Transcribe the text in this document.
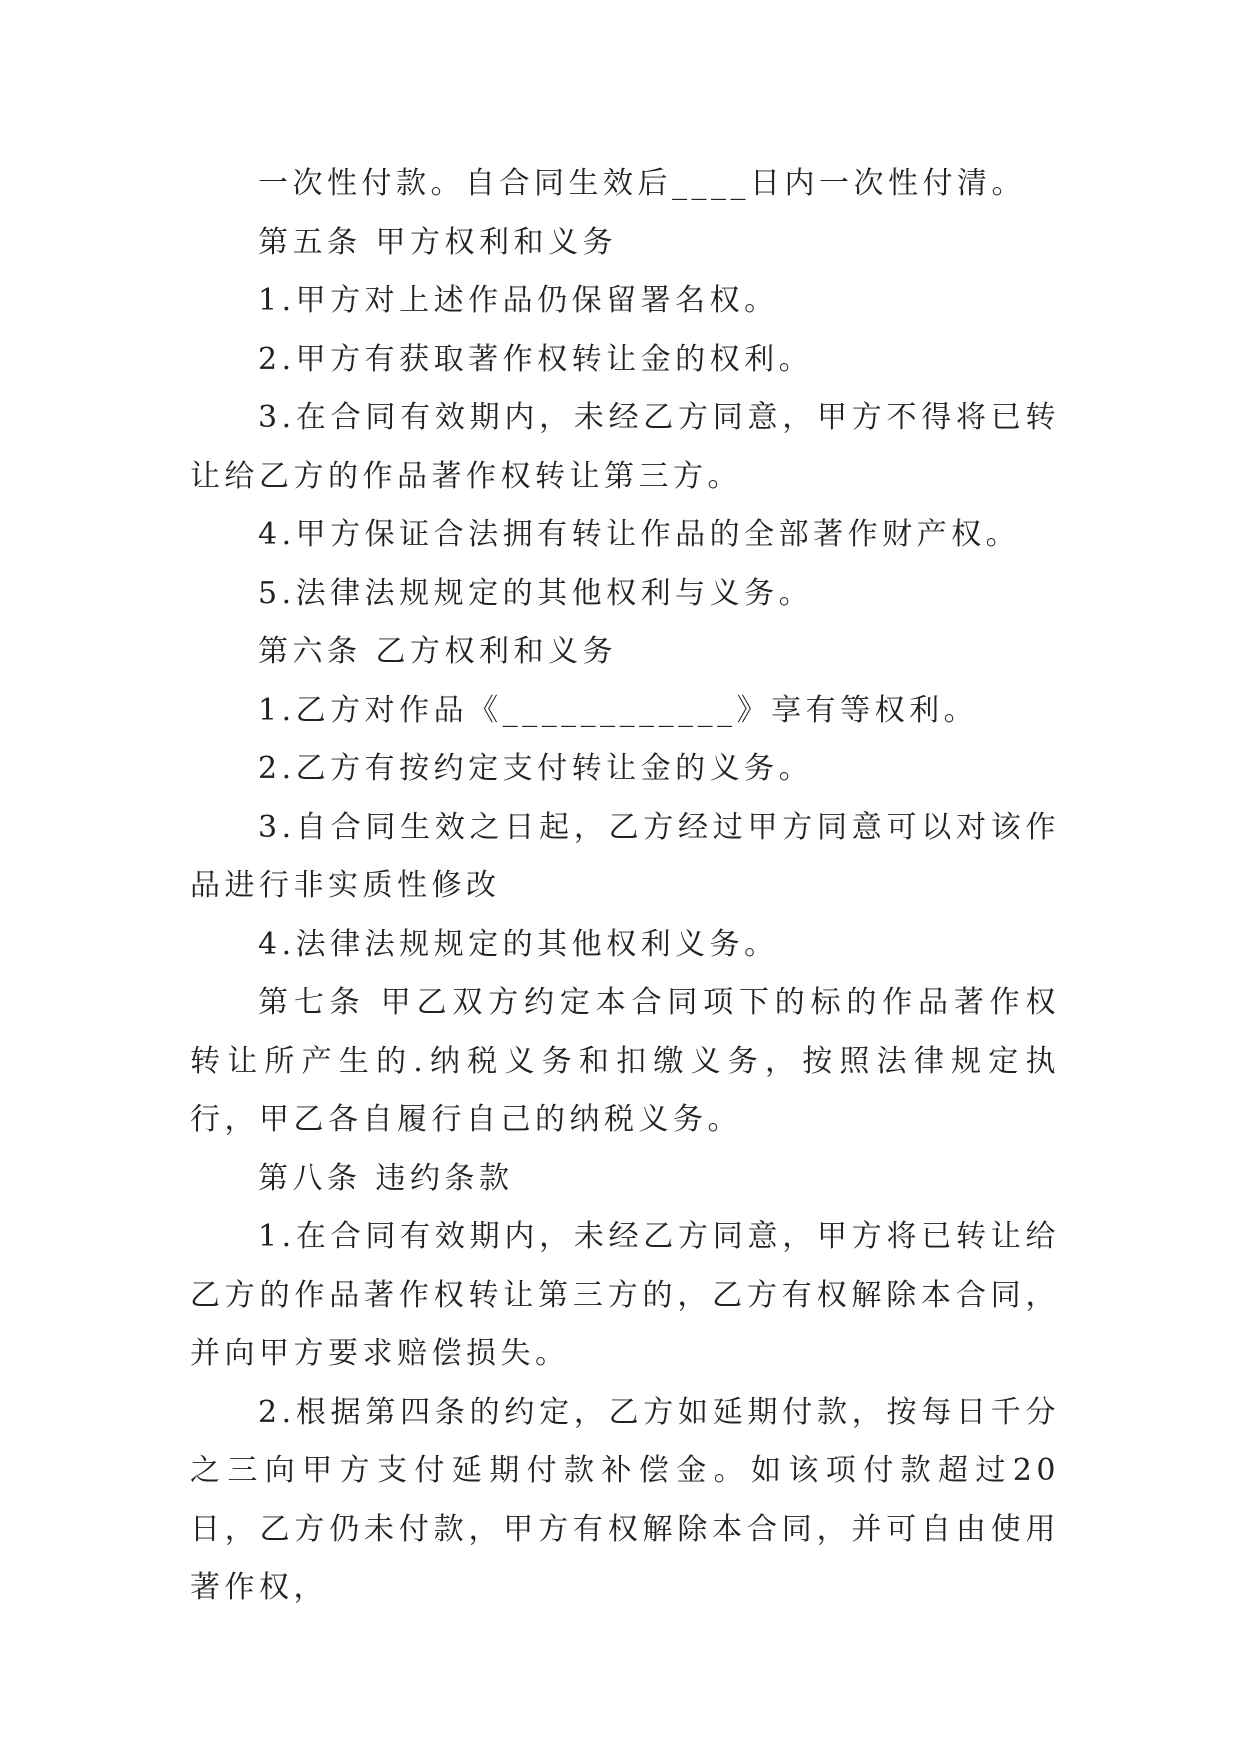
一次性付款。自合同生效后____日内一次性付清。

第五条 甲方权利和义务

1.甲方对上述作品仍保留署名权。

2.甲方有获取著作权转让金的权利。

3.在合同有效期内，未经乙方同意，甲方不得将已转让给乙方的作品著作权转让第三方。

4.甲方保证合法拥有转让作品的全部著作财产权。

5.法律法规规定的其他权利与义务。

第六条 乙方权利和义务

1.乙方对作品《____________》享有等权利。

2.乙方有按约定支付转让金的义务。

3.自合同生效之日起，乙方经过甲方同意可以对该作品进行非实质性修改

4.法律法规规定的其他权利义务。

第七条 甲乙双方约定本合同项下的标的作品著作权转让所产生的.纳税义务和扣缴义务，按照法律规定执行，甲乙各自履行自己的纳税义务。

第八条 违约条款

1.在合同有效期内，未经乙方同意，甲方将已转让给乙方的作品著作权转让第三方的，乙方有权解除本合同，并向甲方要求赔偿损失。

2.根据第四条的约定，乙方如延期付款，按每日千分之三向甲方支付延期付款补偿金。如该项付款超过20日，乙方仍未付款，甲方有权解除本合同，并可自由使用著作权，
